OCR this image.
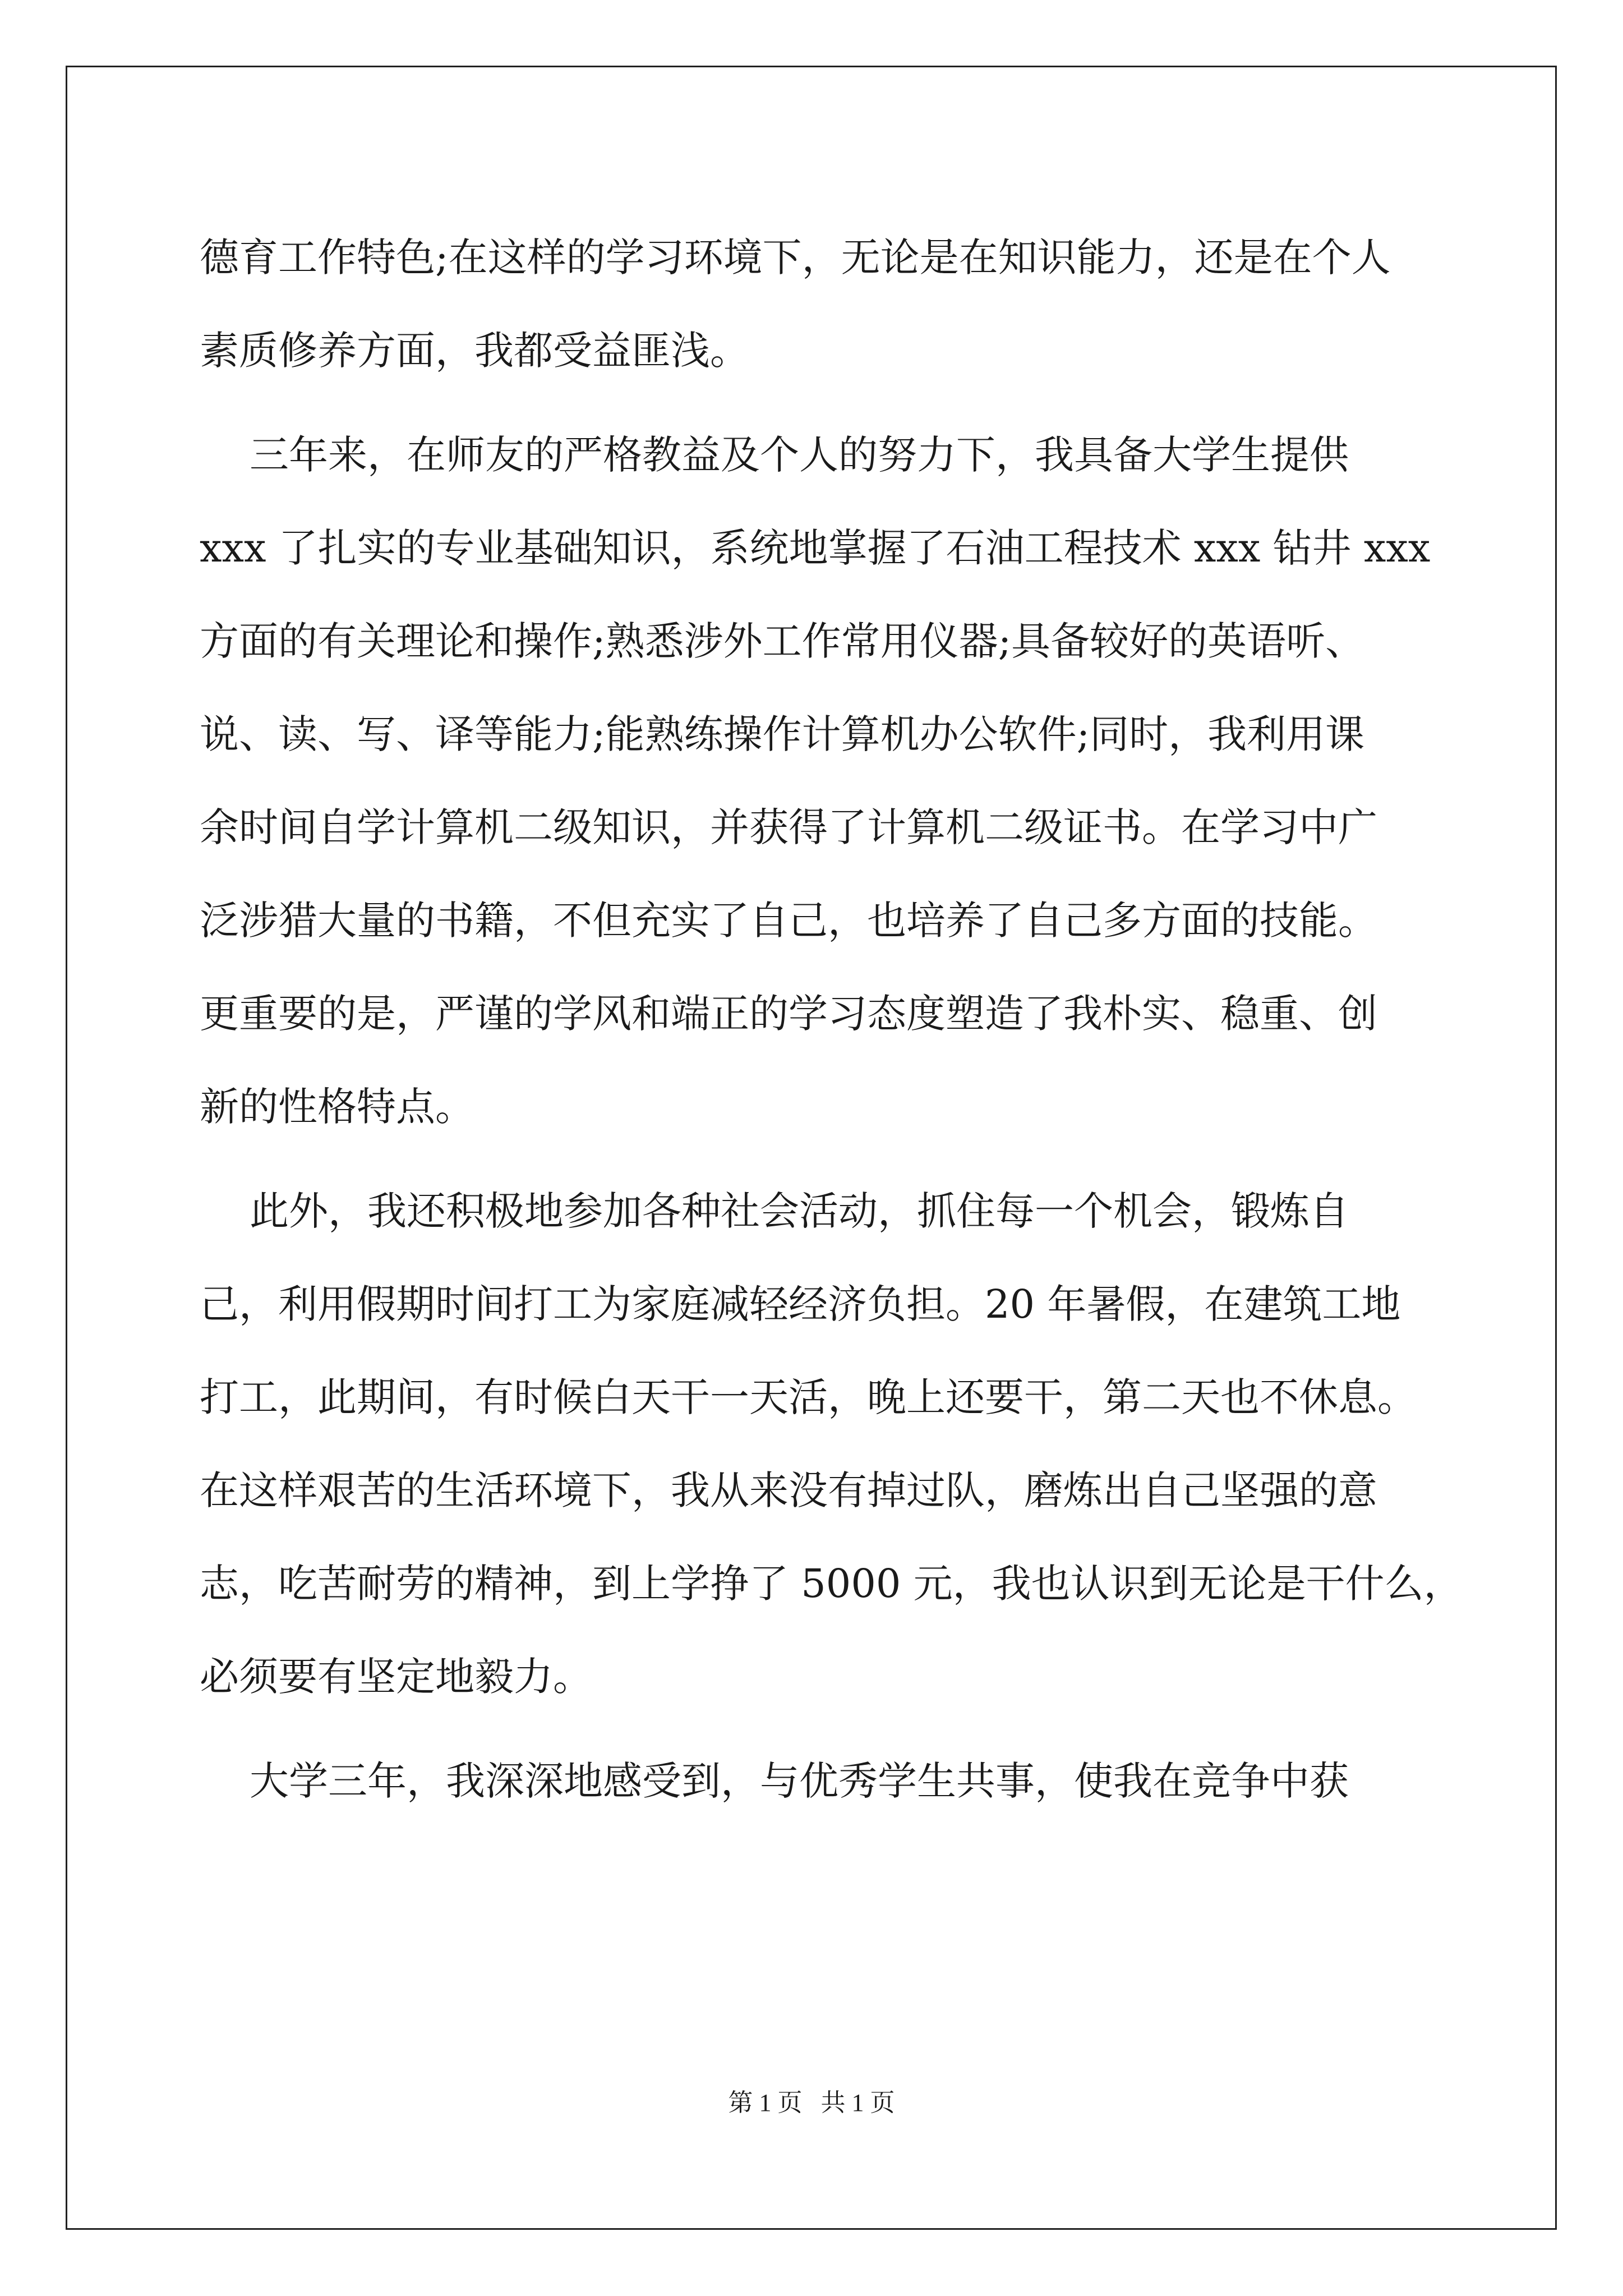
德育工作特色;在这样的学习环境下，无论是在知识能力，还是在个人
素质修养方面，我都受益匪浅。
三年来，在师友的严格教益及个人的努力下，我具备大学生提供
xxx 了扎实的专业基础知识，系统地掌握了石油工程技术 xxx 钻井 xxx
方面的有关理论和操作;熟悉涉外工作常用仪器;具备较好的英语听、
说、读、写、译等能力;能熟练操作计算机办公软件;同时，我利用课
余时间自学计算机二级知识，并获得了计算机二级证书。在学习中广
泛涉猎大量的书籍，不但充实了自己，也培养了自己多方面的技能。
更重要的是，严谨的学风和端正的学习态度塑造了我朴实、稳重、创
新的性格特点。
此外，我还积极地参加各种社会活动，抓住每一个机会，锻炼自
己，利用假期时间打工为家庭减轻经济负担。20 年暑假，在建筑工地
打工，此期间，有时候白天干一天活，晚上还要干，第二天也不休息。
在这样艰苦的生活环境下，我从来没有掉过队，磨炼出自己坚强的意
志，吃苦耐劳的精神，到上学挣了 5000 元，我也认识到无论是干什么，
必须要有坚定地毅力。
大学三年，我深深地感受到，与优秀学生共事，使我在竞争中获
第 1 页 共 1 页
